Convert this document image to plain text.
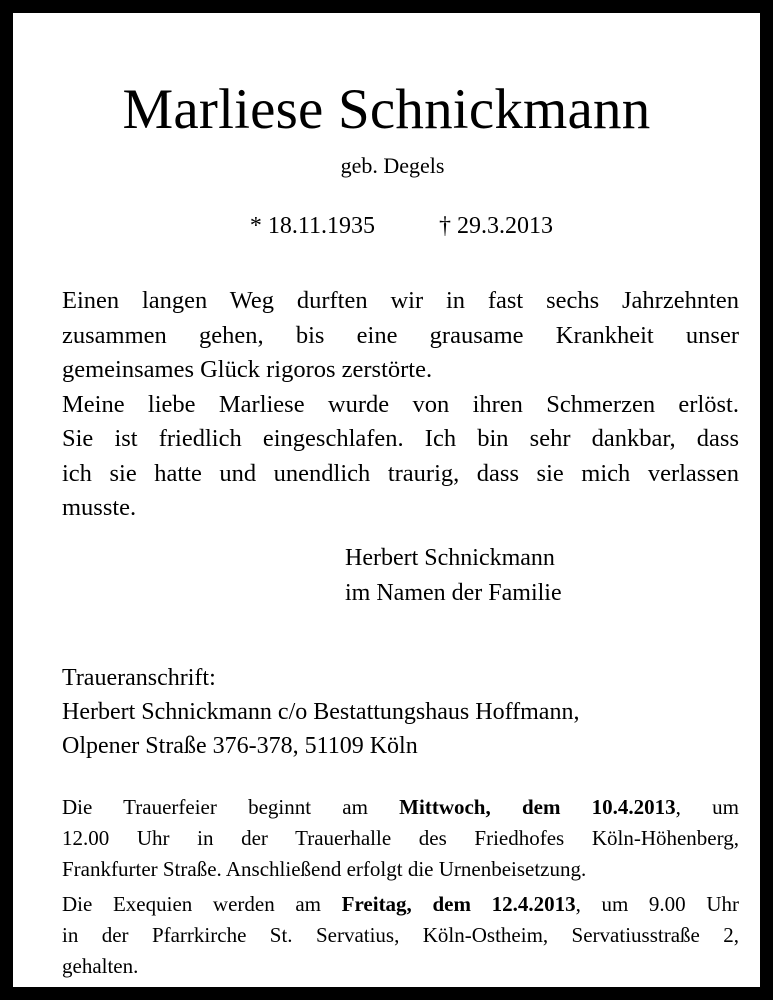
Marliese Schnickmann
geb. Degels
* 18.11.1935	† 29.3.2013

Einen langen Weg durften wir in fast sechs Jahrzehnten
zusammen gehen, bis eine grausame Krankheit unser
gemeinsames Glück rigoros zerstörte.
Meine liebe Marliese wurde von ihren Schmerzen erlöst.
Sie ist friedlich eingeschlafen. Ich bin sehr dankbar, dass
ich sie hatte und unendlich traurig, dass sie mich verlassen
musste.

Herbert Schnickmann
im Namen der Familie
Traueranschrift:
Herbert Schnickmann c/o Bestattungshaus Hoffmann,
Olpener Straße 376-378, 51109 Köln
Die Trauerfeier beginnt am Mittwoch, dem 10.4.2013, um
12.00 Uhr in der Trauerhalle des Friedhofes Köln-Höhenberg,
Frankfurter Straße. Anschließend erfolgt die Urnenbeisetzung.
Die Exequien werden am Freitag, dem 12.4.2013, um 9.00 Uhr
in der Pfarrkirche St. Servatius, Köln-Ostheim, Servatiusstraße 2,
gehalten.
